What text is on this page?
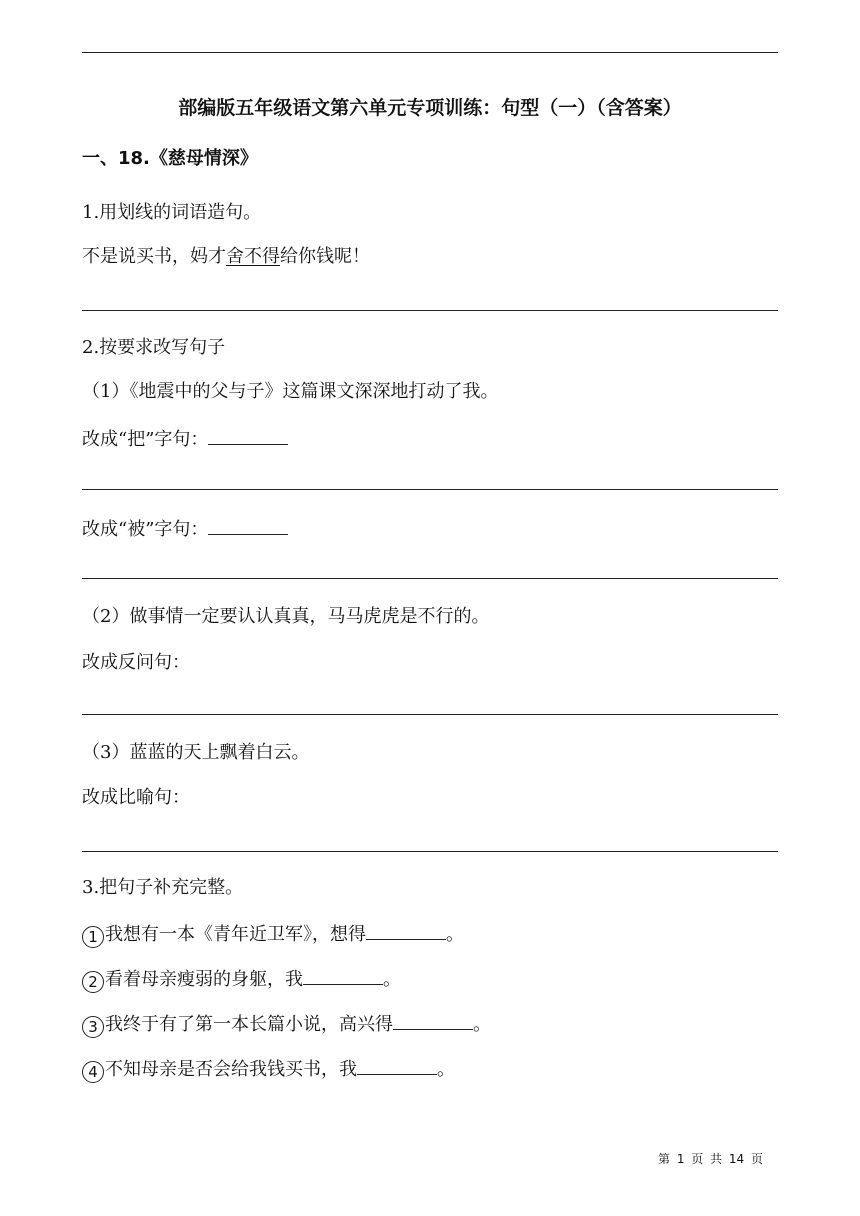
部编版五年级语文第六单元专项训练：句型（一）（含答案）
一、18.《慈母情深》
1.用划线的词语造句。
不是说买书，妈才舍不得给你钱呢！
2.按要求改写句子
（1）《地震中的父与子》这篇课文深深地打动了我。
改成“把”字句：
改成“被”字句：
（2）做事情一定要认认真真，马马虎虎是不行的。
改成反问句：
（3）蓝蓝的天上飘着白云。
改成比喻句：
3.把句子补充完整。
1 我想有一本《青年近卫军》，想得	。
2 看着母亲瘦弱的身躯，我	。
3 我终于有了第一本长篇小说，高兴得	。
4 不知母亲是否会给我钱买书，我	。
第 1 页 共 14 页
